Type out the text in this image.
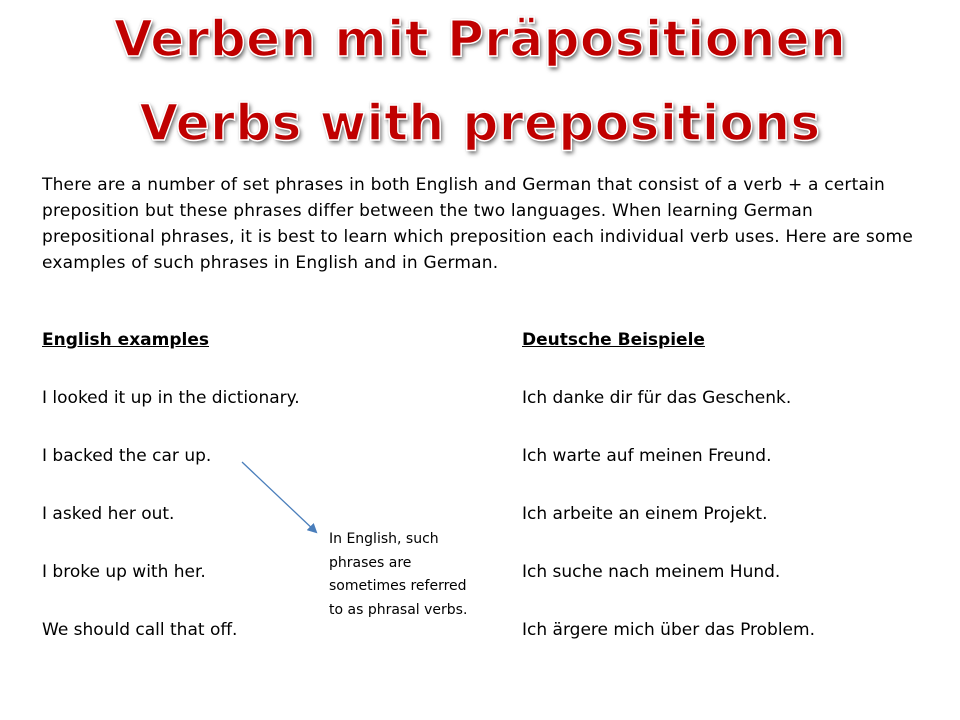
Verben mit Präpositionen
Verbs with prepositions

There are a number of set phrases in both English and German that consist of a verb + a certain preposition but these phrases differ between the two languages. When learning German prepositional phrases, it is best to learn which preposition each individual verb uses. Here are some examples of such phrases in English and in German.

English examples
I looked it up in the dictionary.
I backed the car up.
I asked her out.
I broke up with her.
We should call that off.
Deutsche Beispiele
Ich danke dir für das Geschenk.
Ich warte auf meinen Freund.
Ich arbeite an einem Projekt.
Ich suche nach meinem Hund.
Ich ärgere mich über das Problem.

In English, such phrases are sometimes referred to as phrasal verbs.
